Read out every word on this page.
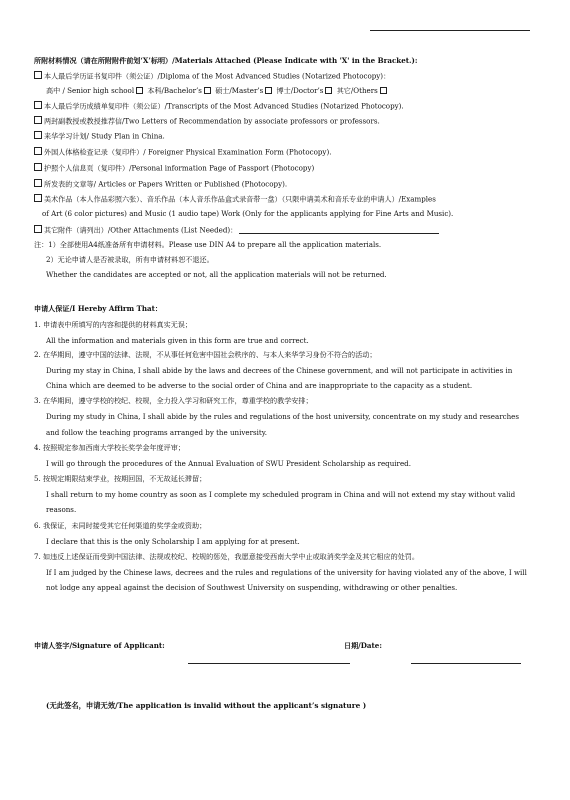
所附材料情况（请在所附附件前划‘X’标明）/Materials Attached (Please Indicate with 'X' in the Bracket.):
本人最后学历证书复印件（须公证）/Diploma of the Most Advanced Studies (Notarized Photocopy)：
高中 / Senior high school 本科/Bachelor’s 硕士/Master’s 博士/Doctor’s 其它/Others
本人最后学历成绩单复印件（须公证）/Transcripts of the Most Advanced Studies (Notarized Photocopy).
两封副教授或教授推荐信/Two Letters of Recommendation by associate professors or professors.
来华学习计划/ Study Plan in China.
外国人体格检查记录（复印件）/ Foreigner Physical Examination Form (Photocopy).
护照个人信息页（复印件）/Personal information Page of Passport (Photocopy)
所发表的文章等/ Articles or Papers Written or Published (Photocopy).
美术作品（本人作品彩照六张）、音乐作品（本人音乐作品盒式录音带一盘）（只限申请美术和音乐专业的申请人）/Examples
of Art (6 color pictures) and Music (1 audio tape) Work (Only for the applicants applying for Fine Arts and Music).
其它附件（请列出）/Other Attachments (List Needed)：
注：1）全部使用A4纸准备所有申请材料。Please use DIN A4 to prepare all the application materials.
2）无论申请人是否被录取，所有申请材料恕不退还。
Whether the candidates are accepted or not, all the application materials will not be returned.
申请人保证/I Hereby Affirm That：
1. 申请表中所填写的内容和提供的材料真实无误；
All the information and materials given in this form are true and correct.
2. 在华期间，遵守中国的法律、法规，不从事任何危害中国社会秩序的、与本人来华学习身份不符合的活动；
During my stay in China, I shall abide by the laws and decrees of the Chinese government, and will not participate in activities in
China which are deemed to be adverse to the social order of China and are inappropriate to the capacity as a student.
3. 在华期间，遵守学校的校纪、校规，全力投入学习和研究工作，尊重学校的教学安排；
During my study in China, I shall abide by the rules and regulations of the host university, concentrate on my study and researches
and follow the teaching programs arranged by the university.
4. 按照规定参加西南大学校长奖学金年度评审；
I will go through the procedures of the Annual Evaluation of SWU President Scholarship as required.
5. 按规定期限结束学业，按期回国，不无故延长滞留；
I shall return to my home country as soon as I complete my scheduled program in China and will not extend my stay without valid
reasons.
6. 我保证，未同时接受其它任何渠道的奖学金或资助；
I declare that this is the only Scholarship I am applying for at present.
7. 如违反上述保证而受到中国法律、法规或校纪、校规的惩处，我愿意接受西南大学中止或取消奖学金及其它相应的处罚。
If I am judged by the Chinese laws, decrees and the rules and regulations of the university for having violated any of the above, I will
not lodge any appeal against the decision of Southwest University on suspending, withdrawing or other penalties.
申请人签字/Signature of Applicant:	日期/Date:
(无此签名，申请无效/The application is invalid without the applicant’s signature )
